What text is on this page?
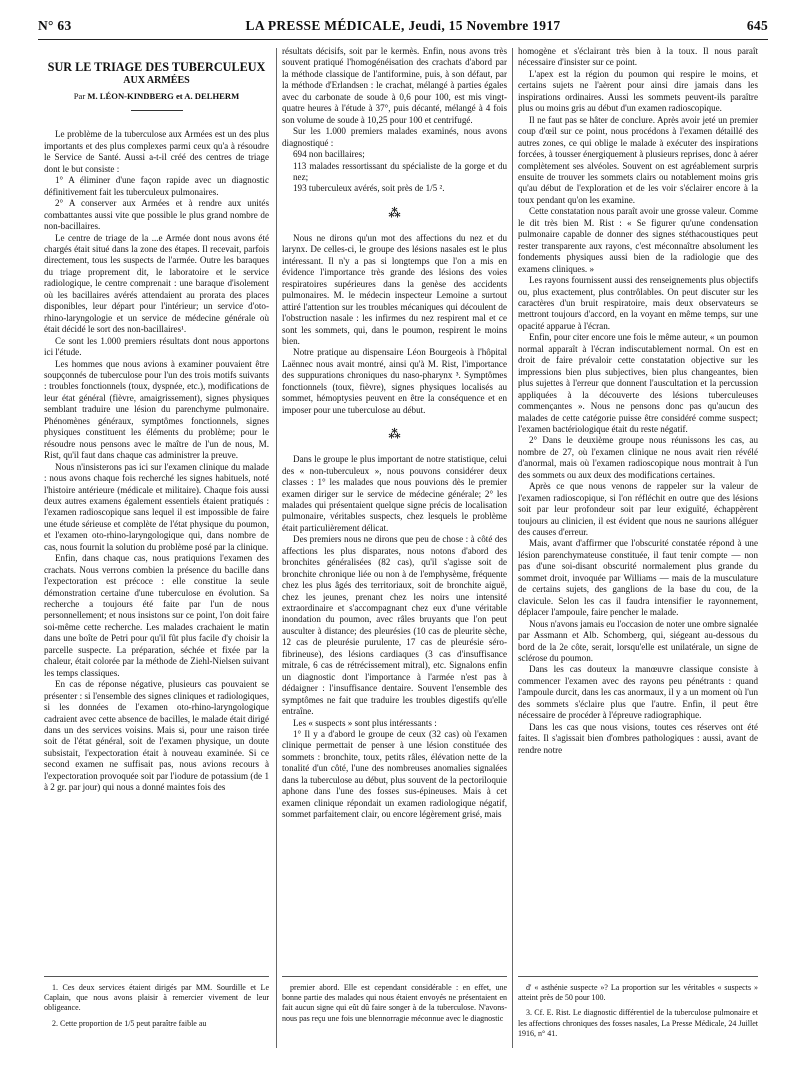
N° 63	LA PRESSE MÉDICALE, Jeudi, 15 Novembre 1917	645
SUR LE TRIAGE DES TUBERCULEUX
AUX ARMÉES
Par M. LÉON-KINDBERG et A. DELHERM

Le problème de la tuberculose aux Armées est un des plus importants et des plus complexes parmi ceux qu'a à résoudre le Service de Santé. Aussi a-t-il créé des centres de triage dont le but consiste :

1° A éliminer d'une façon rapide avec un diagnostic définitivement fait les tuberculeux pulmonaires.

2° A conserver aux Armées et à rendre aux unités combattantes aussi vite que possible le plus grand nombre de non-bacillaires.

Le centre de triage de la ...e Armée dont nous avons été chargés était situé dans la zone des étapes. Il recevait, parfois directement, tous les suspects de l'armée. Outre les baraques du triage proprement dit, le laboratoire et le service radiologique, le centre comprenait : une baraque d'isolement où les bacillaires avérés attendaient au prorata des places disponibles, leur départ pour l'intérieur; un service d'oto-rhino-laryngologie et un service de médecine générale où était décidé le sort des non-bacillaires¹.

Ce sont les 1.000 premiers résultats dont nous apportons ici l'étude.

Les hommes que nous avions à examiner pouvaient être soupçonnés de tuberculose pour l'un des trois motifs suivants : troubles fonctionnels (toux, dyspnée, etc.), modifications de leur état général (fièvre, amaigrissement), signes physiques semblant traduire une lésion du parenchyme pulmonaire. Phénomènes généraux, symptômes fonctionnels, signes physiques constituent les éléments du problème; pour le résoudre nous pensons avec le maître de l'un de nous, M. Rist, qu'il faut dans chaque cas administrer la preuve.

Nous n'insisterons pas ici sur l'examen clinique du malade : nous avons chaque fois recherché les signes habituels, noté l'histoire antérieure (médicale et militaire). Chaque fois aussi deux autres examens également essentiels étaient pratiqués : l'examen radioscopique sans lequel il est impossible de faire une étude sérieuse et complète de l'état physique du poumon, et l'examen oto-rhino-laryngologique qui, dans nombre de cas, nous fournit la solution du problème posé par la clinique.

Enfin, dans chaque cas, nous pratiquions l'examen des crachats. Nous verrons combien la présence du bacille dans l'expectoration est précoce : elle constitue la seule démonstration certaine d'une tuberculose en évolution. Sa recherche a toujours été faite par l'un de nous personnellement; et nous insistons sur ce point, l'on doit faire soi-même cette recherche. Les malades crachaient le matin dans une boîte de Petri pour qu'il fût plus facile d'y choisir la parcelle suspecte. La préparation, séchée et fixée par la chaleur, était colorée par la méthode de Ziehl-Nielsen suivant les temps classiques.

En cas de réponse négative, plusieurs cas pouvaient se présenter : si l'ensemble des signes cliniques et radiologiques, si les données de l'examen oto-rhino-laryngologique cadraient avec cette absence de bacilles, le malade était dirigé dans un des services voisins. Mais si, pour une raison tirée soit de l'état général, soit de l'examen physique, un doute subsistait, l'expectoration était à nouveau examinée. Si ce second examen ne suffisait pas, nous avions recours à l'expectoration provoquée soit par l'iodure de potassium (de 1 à 2 gr. par jour) qui nous a donné maintes fois des

résultats décisifs, soit par le kermès. Enfin, nous avons très souvent pratiqué l'homogénéisation des crachats d'abord par la méthode classique de l'antiformine, puis, à son défaut, par la méthode d'Erlandsen : le crachat, mélangé à parties égales avec du carbonate de soude à 0,6 pour 100, est mis vingt-quatre heures à l'étude à 37°, puis décanté, mélangé à 4 fois son volume de soude à 10,25 pour 100 et centrifugé.

Sur les 1.000 premiers malades examinés, nous avons diagnostiqué :

694 non bacillaires;
113 malades ressortissant du spécialiste de la gorge et du nez;
193 tuberculeux avérés, soit près de 1/5 ².
⁂

Nous ne dirons qu'un mot des affections du nez et du larynx. De celles-ci, le groupe des lésions nasales est le plus intéressant. Il n'y a pas si longtemps que l'on a mis en évidence l'importance très grande des lésions des voies respiratoires supérieures dans la genèse des accidents pulmonaires. M. le médecin inspecteur Lemoine a surtout attiré l'attention sur les troubles mécaniques qui découlent de l'obstruction nasale : les infirmes du nez respirent mal et ce sont les sommets, qui, dans le poumon, respirent le moins bien.

Notre pratique au dispensaire Léon Bourgeois à l'hôpital Laënnec nous avait montré, ainsi qu'à M. Rist, l'importance des suppurations chroniques du naso-pharynx ³. Symptômes fonctionnels (toux, fièvre), signes physiques localisés au sommet, hémoptysies peuvent en être la conséquence et en imposer pour une tuberculose au début.

⁂

Dans le groupe le plus important de notre statistique, celui des « non-tuberculeux », nous pouvons considérer deux classes : 1° les malades que nous pouvions dès le premier examen diriger sur le service de médecine générale; 2° les malades qui présentaient quelque signe précis de localisation pulmonaire, véritables suspects, chez lesquels le problème était particulièrement délicat.

Des premiers nous ne dirons que peu de chose : à côté des affections les plus disparates, nous notons d'abord des bronchites généralisées (82 cas), qu'il s'agisse soit de bronchite chronique liée ou non à de l'emphysème, fréquente chez les plus âgés des territoriaux, soit de bronchite aiguë, chez les jeunes, prenant chez les noirs une intensité extraordinaire et s'accompagnant chez eux d'une véritable inondation du poumon, avec râles bruyants que l'on peut ausculter à distance; des pleurésies (10 cas de pleurite sèche, 12 cas de pleurésie purulente, 17 cas de pleurésie séro-fibrineuse), des lésions cardiaques (3 cas d'insuffisance mitrale, 6 cas de rétrécissement mitral), etc. Signalons enfin un diagnostic dont l'importance à l'armée n'est pas à dédaigner : l'insuffisance dentaire. Souvent l'ensemble des symptômes ne fait que traduire les troubles digestifs qu'elle entraîne.

Les « suspects » sont plus intéressants :

1° Il y a d'abord le groupe de ceux (32 cas) où l'examen clinique permettait de penser à une lésion constituée des sommets : bronchite, toux, petits râles, élévation nette de la tonalité d'un côté, l'une des nombreuses anomalies signalées dans la tuberculose au début, plus souvent de la pectoriloquie aphone dans l'une des fosses sus-épineuses. Mais à cet examen clinique répondait un examen radiologique négatif, sommet parfaitement clair, ou encore légèrement grisé, mais

homogène et s'éclairant très bien à la toux. Il nous paraît nécessaire d'insister sur ce point.

L'apex est la région du poumon qui respire le moins, et certains sujets ne l'aèrent pour ainsi dire jamais dans les inspirations ordinaires. Aussi les sommets peuvent-ils paraître plus ou moins gris au début d'un examen radioscopique.

Il ne faut pas se hâter de conclure. Après avoir jeté un premier coup d'œil sur ce point, nous procédons à l'examen détaillé des autres zones, ce qui oblige le malade à exécuter des inspirations forcées, à tousser énergiquement à plusieurs reprises, donc à aérer complètement ses alvéoles. Souvent on est agréablement surpris ensuite de trouver les sommets clairs ou notablement moins gris qu'au début de l'exploration et de les voir s'éclairer encore à la toux pendant qu'on les examine.

Cette constatation nous paraît avoir une grosse valeur. Comme le dit très bien M. Rist : « Se figurer qu'une condensation pulmonaire capable de donner des signes stéthacoustiques peut rester transparente aux rayons, c'est méconnaître absolument les fondements physiques aussi bien de la radiologie que des examens cliniques. »

Les rayons fournissent aussi des renseignements plus objectifs ou, plus exactement, plus contrôlables. On peut discuter sur les caractères d'un bruit respiratoire, mais deux observateurs se mettront toujours d'accord, en la voyant en même temps, sur une opacité apparue à l'écran.

Enfin, pour citer encore une fois le même auteur, « un poumon normal apparaît à l'écran indiscutablement normal. On est en droit de faire prévaloir cette constatation objective sur les impressions bien plus subjectives, bien plus changeantes, bien plus sujettes à l'erreur que donnent l'auscultation et la percussion appliquées à la découverte des lésions tuberculeuses commençantes ». Nous ne pensons donc pas qu'aucun des malades de cette catégorie puisse être considéré comme suspect; l'examen bactériologique était du reste négatif.

2° Dans le deuxième groupe nous réunissons les cas, au nombre de 27, où l'examen clinique ne nous avait rien révélé d'anormal, mais où l'examen radioscopique nous montrait à l'un des sommets ou aux deux des modifications certaines.

Après ce que nous venons de rappeler sur la valeur de l'examen radioscopique, si l'on réfléchit en outre que des lésions soit par leur profondeur soit par leur exiguïté, échappèrent toujours au clinicien, il est évident que nous ne saurions alléguer des causes d'erreur.

Mais, avant d'affirmer que l'obscurité constatée répond à une lésion parenchymateuse constituée, il faut tenir compte — non pas d'une soi-disant obscurité normalement plus grande du sommet droit, invoquée par Williams — mais de la musculature de certains sujets, des ganglions de la base du cou, de la clavicule. Selon les cas il faudra intensifier le rayonnement, déplacer l'ampoule, faire pencher le malade.

Nous n'avons jamais eu l'occasion de noter une ombre signalée par Assmann et Alb. Schomberg, qui, siégeant au-dessous du bord de la 2e côte, serait, lorsqu'elle est unilatérale, un signe de sclérose du poumon.

Dans les cas douteux la manœuvre classique consiste à commencer l'examen avec des rayons peu pénétrants : quand l'ampoule durcit, dans les cas anormaux, il y a un moment où l'un des sommets s'éclaire plus que l'autre. Enfin, il peut être nécessaire de procéder à l'épreuve radiographique.

Dans les cas que nous visions, toutes ces réserves ont été faites. Il s'agissait bien d'ombres pathologiques : aussi, avant de rendre notre

1. Ces deux services étaient dirigés par MM. Sourdille et Le Caplain, que nous avons plaisir à remercier vivement de leur obligeance.

2. Cette proportion de 1/5 peut paraître faible au

premier abord. Elle est cependant considérable : en effet, une bonne partie des malades qui nous étaient envoyés ne présentaient en fait aucun signe qui eût dû faire songer à de la tuberculose. N'avons-nous pas reçu une fois une blennorragie méconnue avec le diagnostic

d' « asthénie suspecte »? La proportion sur les véritables « suspects » atteint près de 50 pour 100.

3. Cf. E. Rist. Le diagnostic différentiel de la tuberculose pulmonaire et les affections chroniques des fosses nasales, La Presse Médicale, 24 Juillet 1916, n° 41.
